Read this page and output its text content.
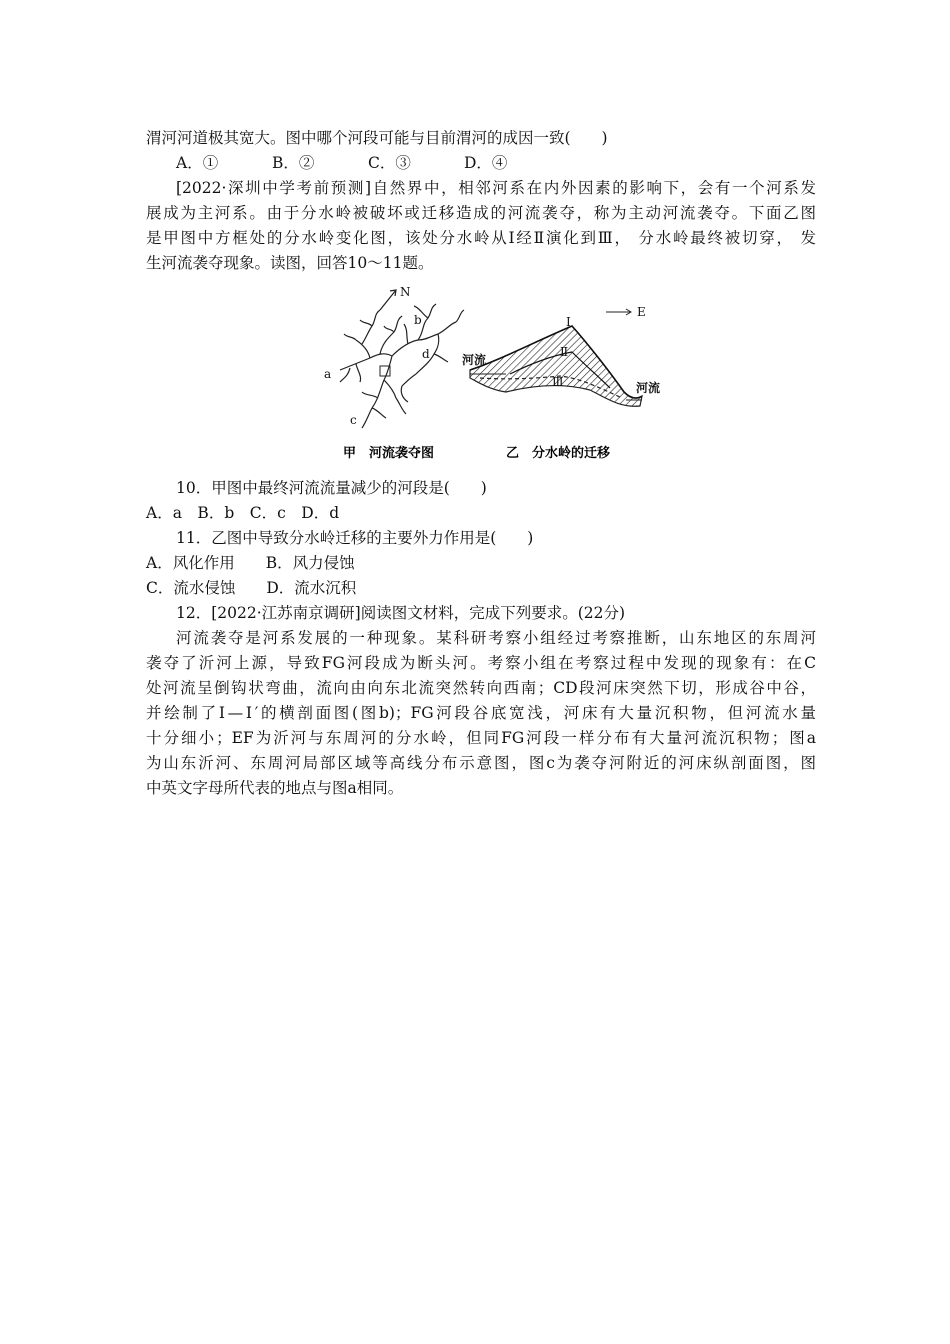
渭河河道极其宽大。图中哪个河段可能与目前渭河的成因一致(　　)
A．①	B．②	C．③	D．④
[2022·深圳中学考前预测]自然界中，相邻河系在内外因素的影响下，会有一个河系发
展成为主河系。由于分水岭被破坏或迁移造成的河流袭夺，称为主动河流袭夺。下面乙图
是甲图中方框处的分水岭变化图，该处分水岭从Ⅰ经Ⅱ演化到Ⅲ， 分水岭最终被切穿， 发
生河流袭夺现象。读图，回答10～11题。
N
b
d
a
c
E
Ⅰ
Ⅱ
Ⅲ
河流
河流
甲　河流袭夺图	乙　分水岭的迁移
10．甲图中最终河流流量减少的河段是(　　)
A．a　B．b　C．c　D．d
11．乙图中导致分水岭迁移的主要外力作用是(　　)
A．风化作用　　B．风力侵蚀
C．流水侵蚀　　D．流水沉积
12．[2022·江苏南京调研]阅读图文材料，完成下列要求。(22分)
河流袭夺是河系发展的一种现象。某科研考察小组经过考察推断，山东地区的东周河
袭夺了沂河上源，导致FG河段成为断头河。考察小组在考察过程中发现的现象有：在C
处河流呈倒钩状弯曲，流向由向东北流突然转向西南；CD段河床突然下切，形成谷中谷，
并绘制了Ⅰ—Ⅰ′的横剖面图(图b)；FG河段谷底宽浅，河床有大量沉积物，但河流水量
十分细小；EF为沂河与东周河的分水岭，但同FG河段一样分布有大量河流沉积物；图a
为山东沂河、东周河局部区域等高线分布示意图，图c为袭夺河附近的河床纵剖面图，图
中英文字母所代表的地点与图a相同。
